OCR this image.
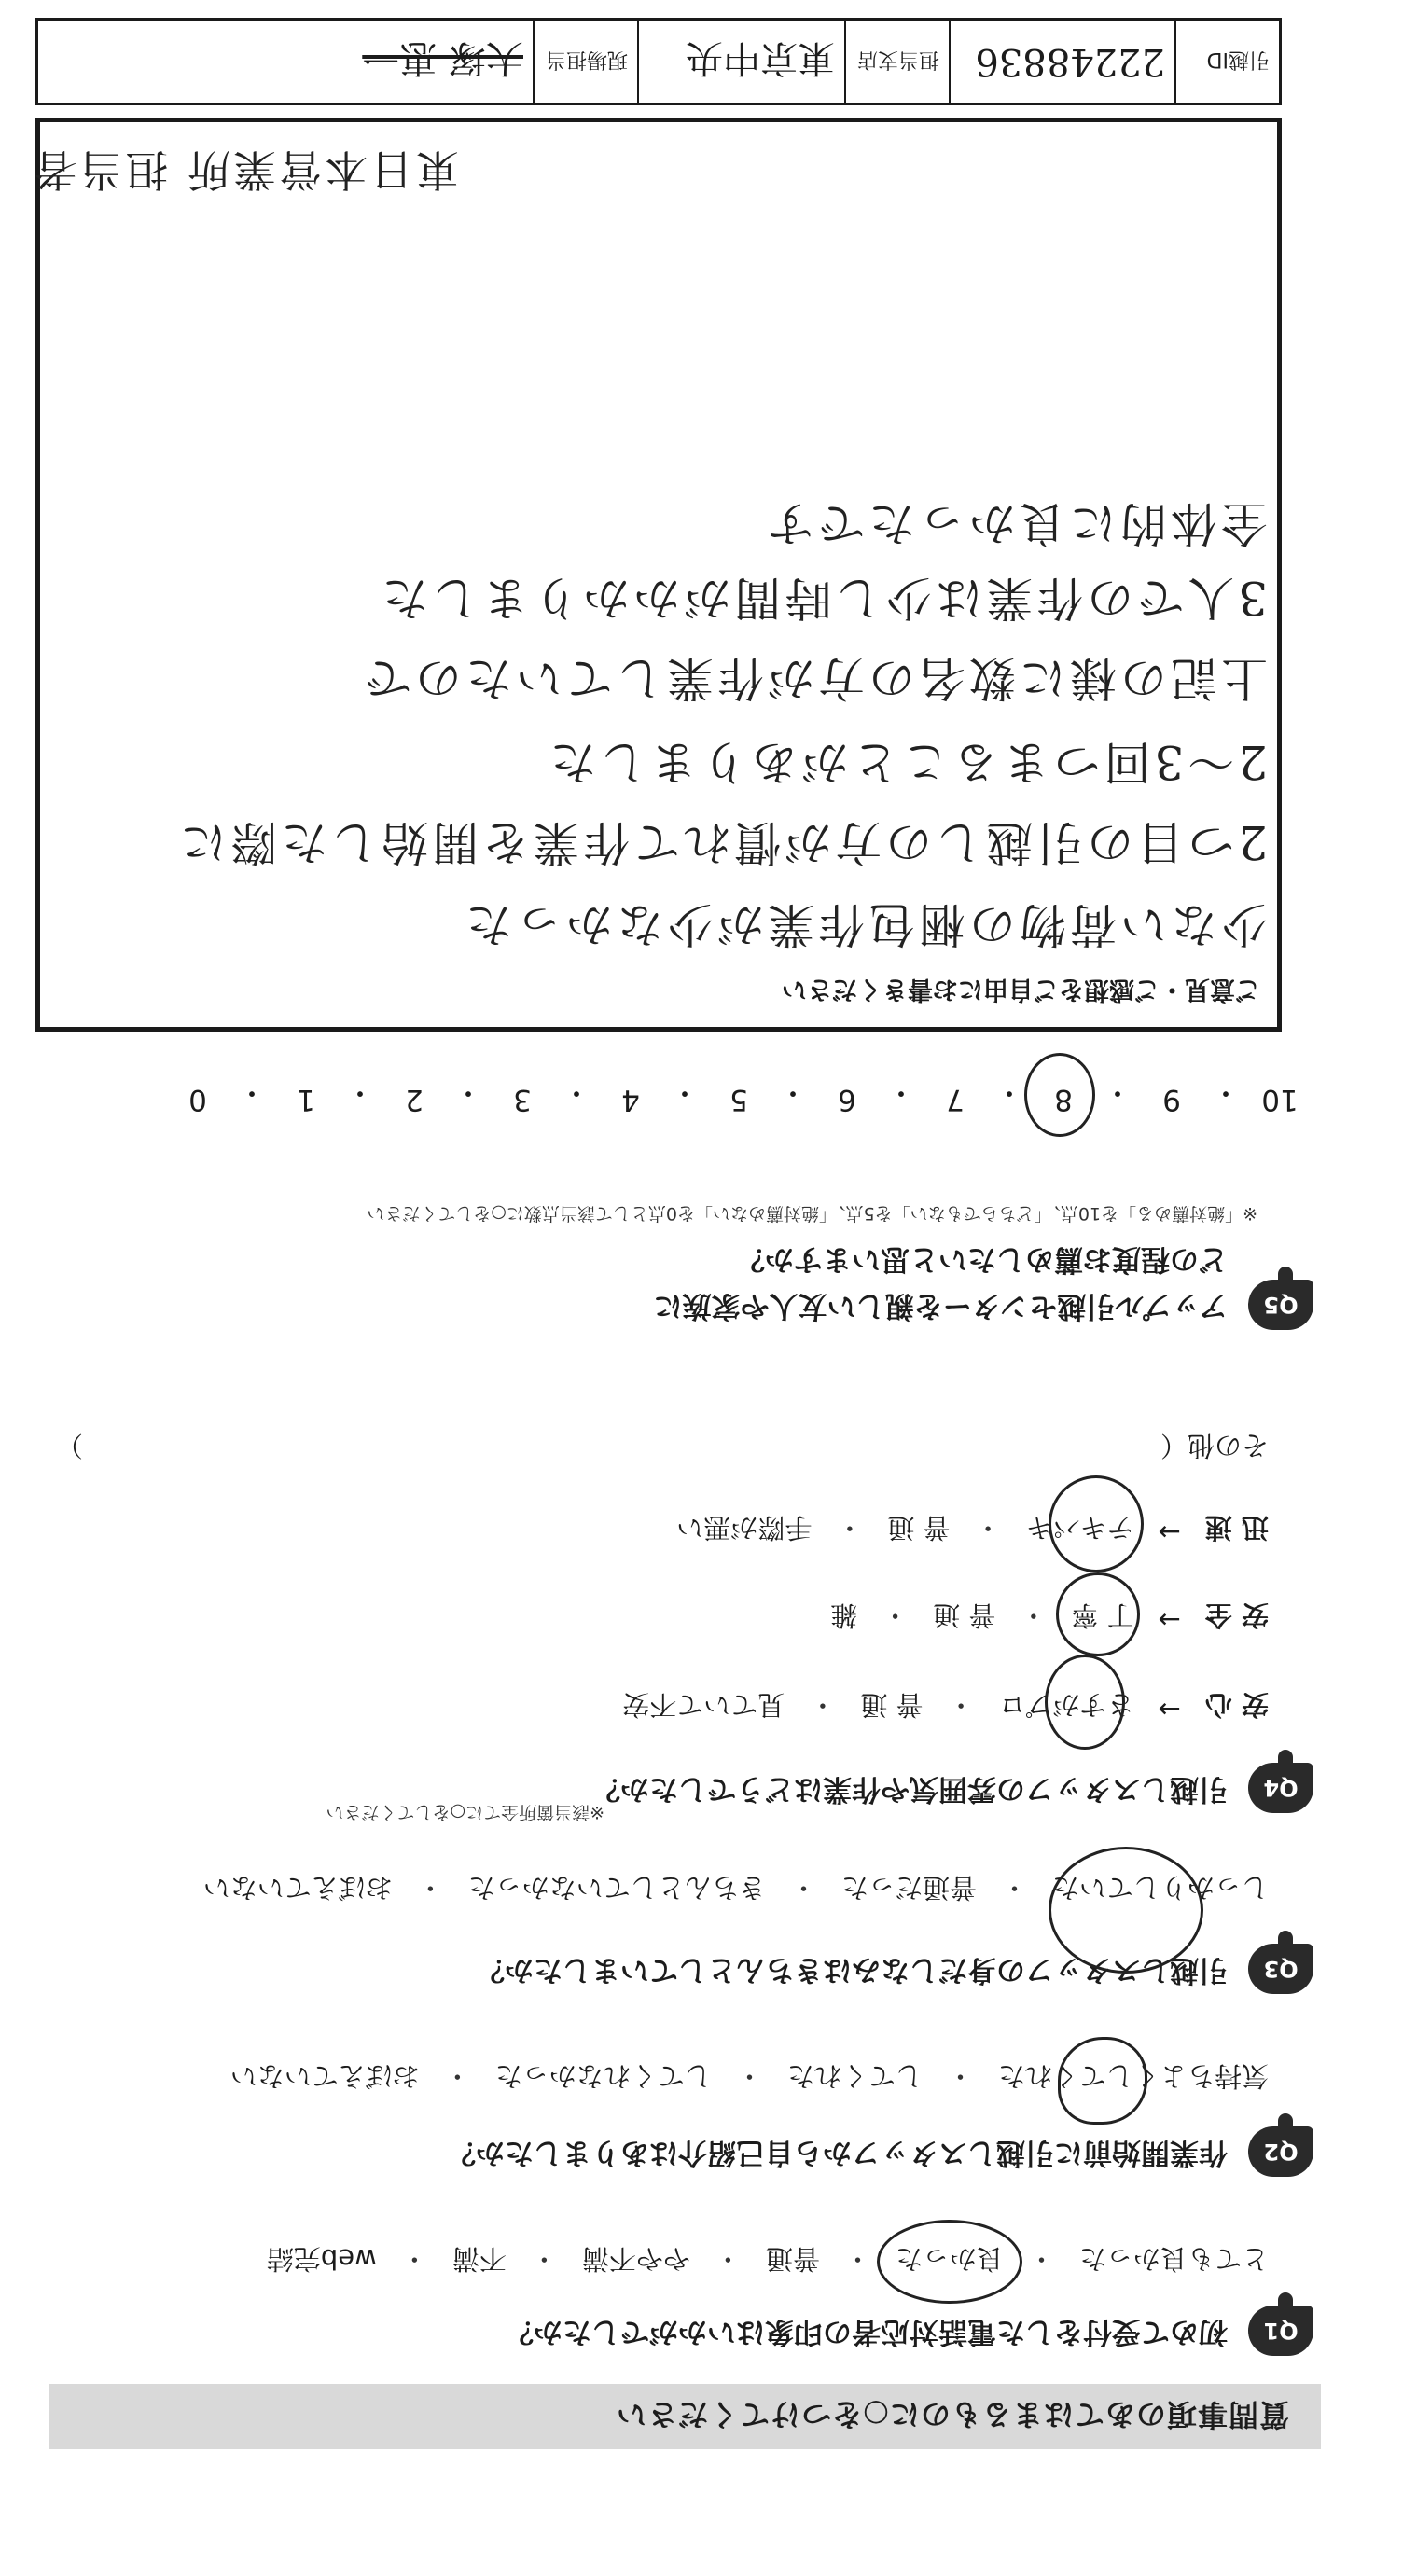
質問事項のあてはまるものに○をつけてください
Q1
初めて受付をした電話対応者の印象はいかがでしたか？
とても良かった
・
良かった
・
普通
・
やや不満
・
不満
・
web完結
Q2
作業開始前に引越しスタッフから自己紹介はありましたか？
気持ちよくしてくれた
・
してくれた
・
してくれなかった
・
おぼえていない
Q3
引越しスタッフの身だしなみはきちんとしていましたか？
しっかりしていた
・
普通だった
・
きちんとしていなかった
・
おぼえていない
Q4
引越しスタッフの雰囲気や作業はどうでしたか？
※該当箇所全てに○をしてください
安 心
→
さすがプロ
・
普 通
・
見ていて不安
安 全
→
丁 寧
・
普 通
・
雑
迅 速
→
テキパキ
・
普 通
・
手際が悪い
その他（
）
Q5
アップル引越センターを親しい友人や家族に
どの程度お薦めしたいと思いますか？
※「絶対薦める」を10点、「どちらでもない」を5点、「絶対薦めない」を0点として該当点数に○をしてください
10
・
9
・
8
・
7
・
6
・
5
・
4
・
3
・
2
・
1
・
0
ご意見・ご感想をご自由にお書きください
少ない荷物の梱包作業が少なかった
2つ目の引越しの方が慣れて作業を開始した際に
2〜3回つまることがありました
上記の様に数名の方が作業していたので
3人での作業は少し時間がかかりました
全体的に良かったです
東日本営業所 担当者
引越ID
22248836
担当支店
東京中央
現場担当
大塚 恵一
